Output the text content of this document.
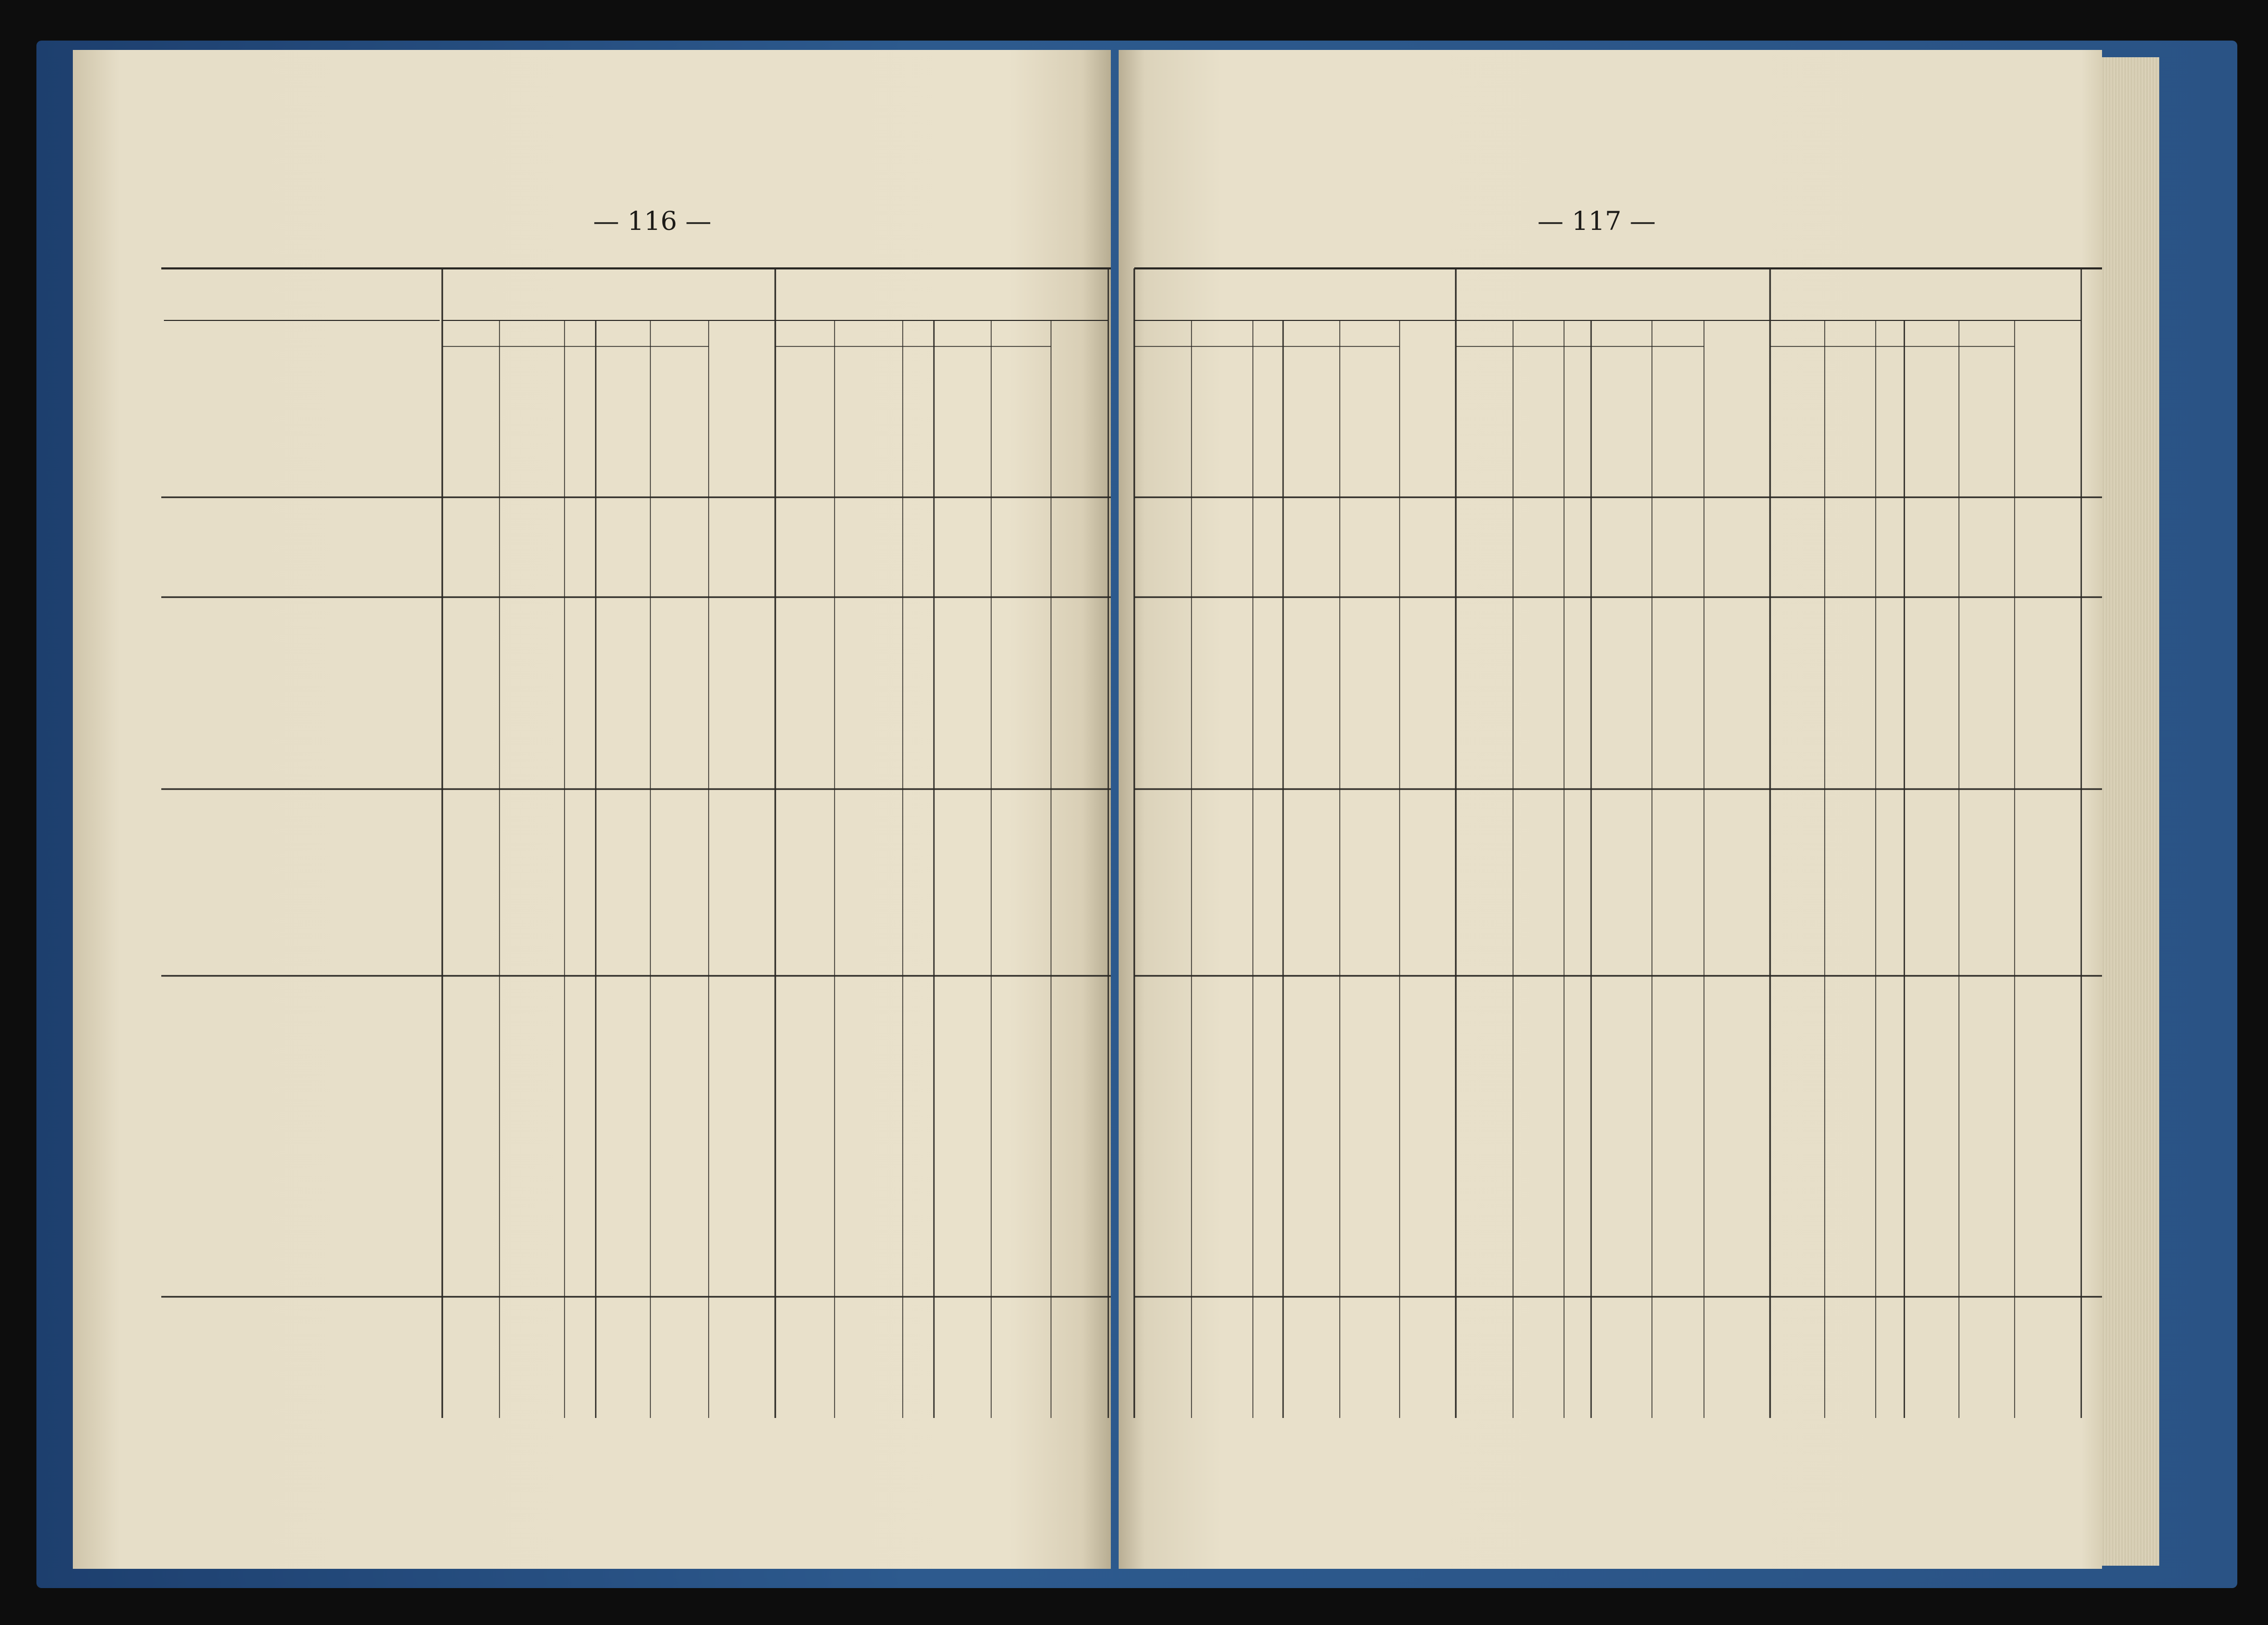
— 116 —	— 117 —
